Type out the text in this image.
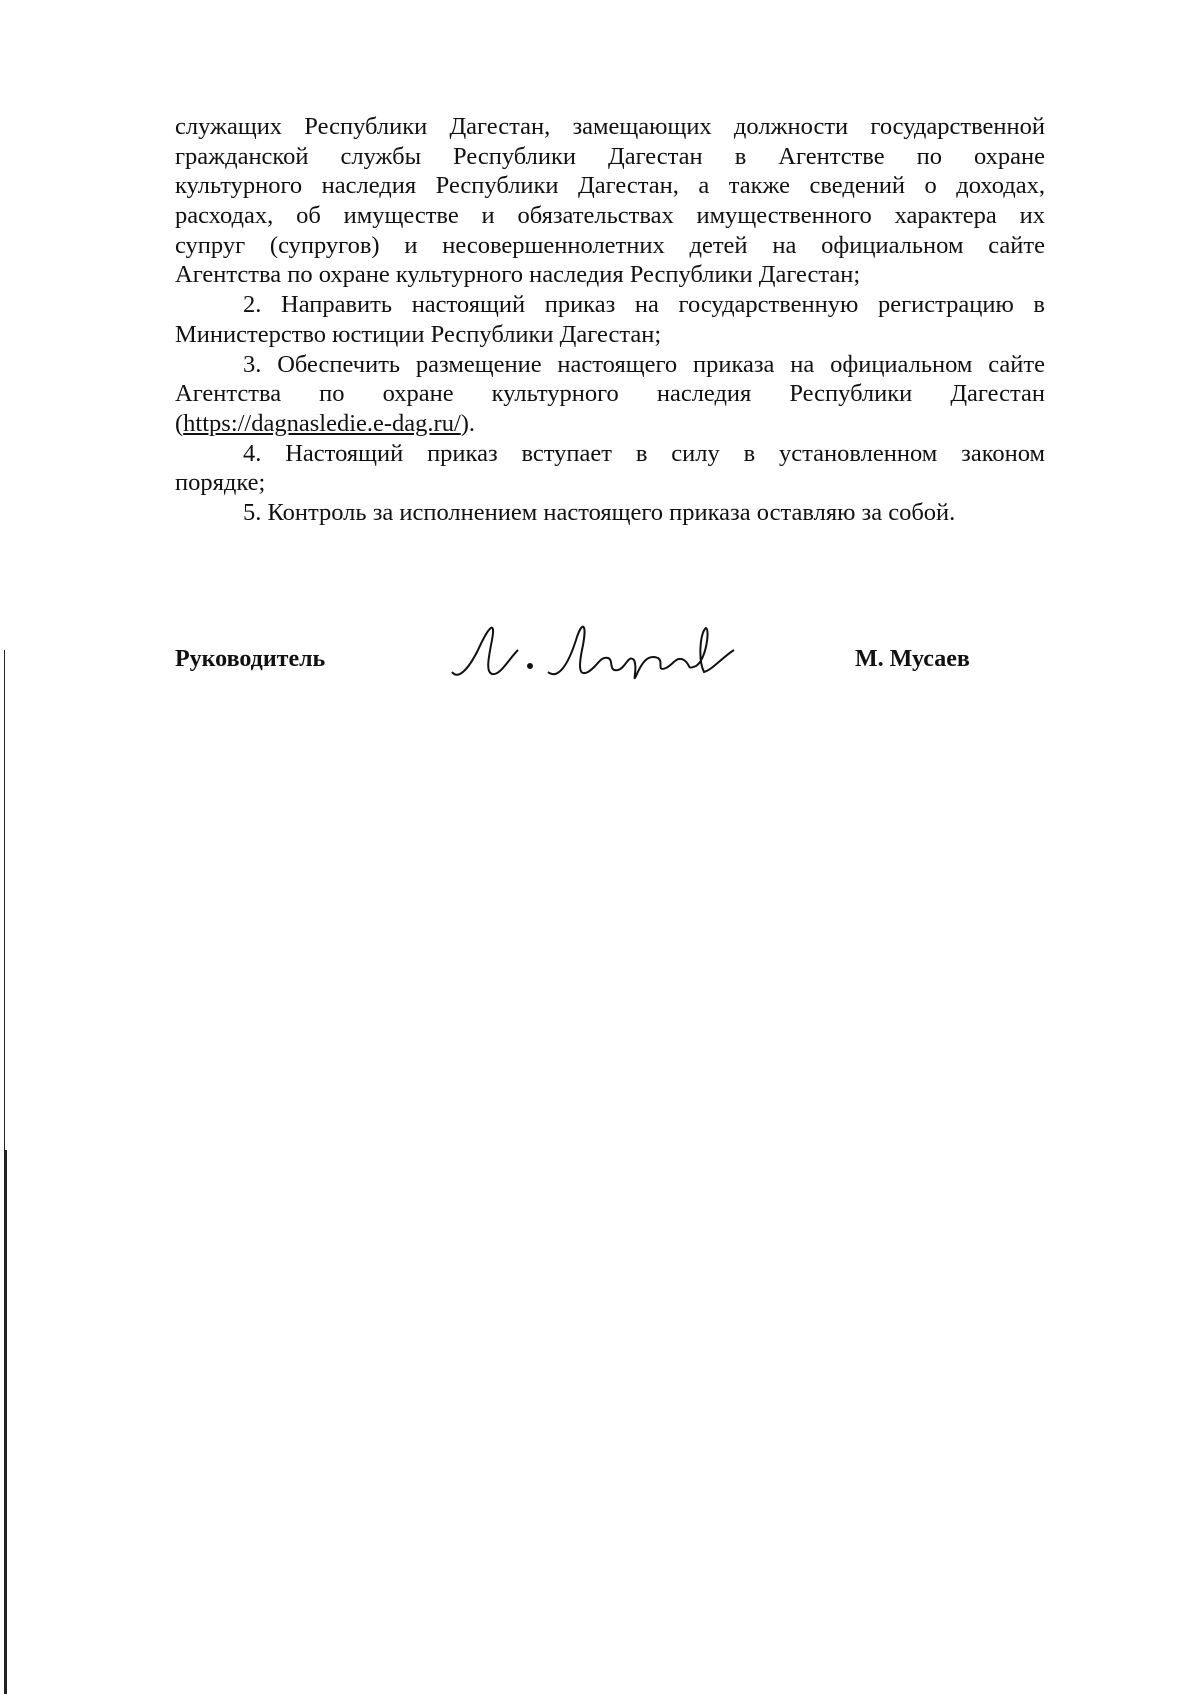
служащих Республики Дагестан, замещающих должности государственной
гражданской службы Республики Дагестан в Агентстве по охране
культурного наследия Республики Дагестан, а также сведений о доходах,
расходах, об имуществе и обязательствах имущественного характера их
супруг (супругов) и несовершеннолетних детей на официальном сайте
Агентства по охране культурного наследия Республики Дагестан;
2. Направить настоящий приказ на государственную регистрацию в
Министерство юстиции Республики Дагестан;
3. Обеспечить размещение настоящего приказа на официальном сайте
Агентства по охране культурного наследия Республики Дагестан
(https://dagnasledie.e-dag.ru/).
4. Настоящий приказ вступает в силу в установленном законом
порядке;
5. Контроль за исполнением настоящего приказа оставляю за собой.
Руководитель	М. Мусаев
